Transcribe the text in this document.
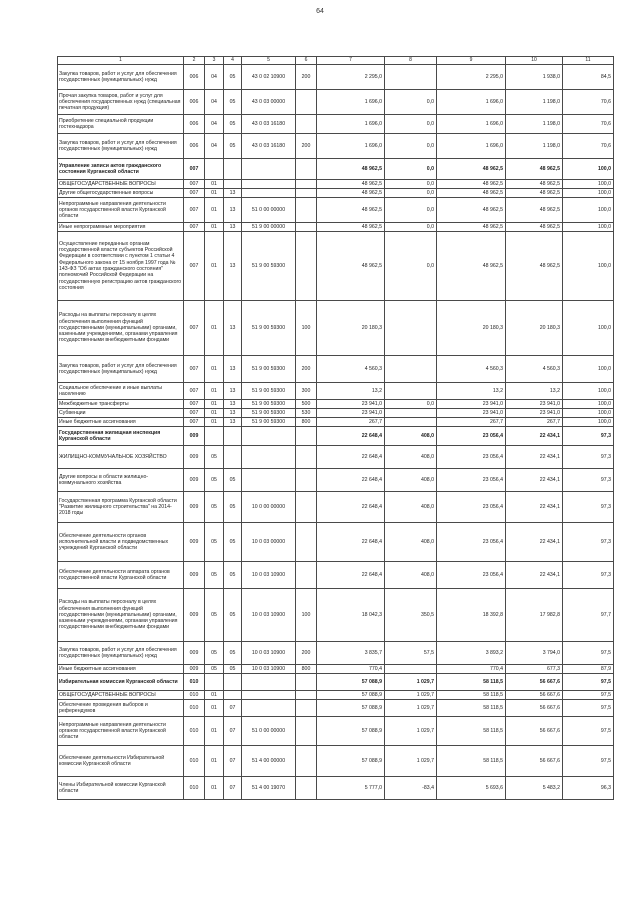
64
1	2	3	4	5	6	7	8	9	10	11
Закупка товаров, работ и услуг для обеспечения государственных (муниципальных) нужд	006	04	05	43 0 02 10900	200	2 295,0		2 295,0	1 938,0	84,5
Прочая закупка товаров, работ и услуг для обеспечения государственных нужд (специальная печатная продукция)	006	04	05	43 0 03 00000		1 696,0	0,0	1 696,0	1 198,0	70,6
Приобретение специальной продукции гостехнадзора	006	04	05	43 0 03 16180		1 696,0	0,0	1 696,0	1 198,0	70,6
Закупка товаров, работ и услуг для обеспечения государственных (муниципальных) нужд	006	04	05	43 0 03 16180	200	1 696,0	0,0	1 696,0	1 198,0	70,6
Управление записи актов гражданского состояния Курганской области	007					48 962,5	0,0	48 962,5	48 962,5	100,0
ОБЩЕГОСУДАРСТВЕННЫЕ ВОПРОСЫ	007	01				48 962,5	0,0	48 962,5	48 962,5	100,0
Другие общегосударственные вопросы	007	01	13			48 962,5	0,0	48 962,5	48 962,5	100,0
Непрограммные направления деятельности органов государственной власти Курганской области	007	01	13	51 0 00 00000		48 962,5	0,0	48 962,5	48 962,5	100,0
Иные непрограммные мероприятия	007	01	13	51 9 00 00000		48 962,5	0,0	48 962,5	48 962,5	100,0
Осуществление переданных органам государственной власти субъектов Российской Федерации в соответствии с пунктом 1 статьи 4 Федерального закона от 15 ноября 1997 года № 143-ФЗ "Об актах гражданского состояния" полномочий Российской Федерации на государственную регистрацию актов гражданского состояния	007	01	13	51 9 00 59300		48 962,5	0,0	48 962,5	48 962,5	100,0
Расходы на выплаты персоналу в целях обеспечения выполнения функций государственными (муниципальными) органами, казенными учреждениями, органами управления государственными внебюджетными фондами	007	01	13	51 9 00 59300	100	20 180,3		20 180,3	20 180,3	100,0
Закупка товаров, работ и услуг для обеспечения государственных (муниципальных) нужд	007	01	13	51 9 00 59300	200	4 560,3		4 560,3	4 560,3	100,0
Социальное обеспечение и иные выплаты населению	007	01	13	51 9 00 59300	300	13,2		13,2	13,2	100,0
Межбюджетные трансферты	007	01	13	51 9 00 59300	500	23 941,0	0,0	23 941,0	23 941,0	100,0
Субвенции	007	01	13	51 9 00 59300	530	23 941,0		23 941,0	23 941,0	100,0
Иные бюджетные ассигнования	007	01	13	51 9 00 59300	800	267,7		267,7	267,7	100,0
Государственная жилищная инспекция Курганской области	009					22 648,4	408,0	23 056,4	22 434,1	97,3
ЖИЛИЩНО-КОММУНАЛЬНОЕ ХОЗЯЙСТВО	009	05				22 648,4	408,0	23 056,4	22 434,1	97,3
Другие вопросы в области жилищно-коммунального хозяйства	009	05	05			22 648,4	408,0	23 056,4	22 434,1	97,3
Государственная программа Курганской области "Развитие жилищного строительства" на 2014-2018 годы	009	05	05	10 0 00 00000		22 648,4	408,0	23 056,4	22 434,1	97,3
Обеспечение деятельности органов исполнительной власти и подведомственных учреждений Курганской области	009	05	05	10 0 03 00000		22 648,4	408,0	23 056,4	22 434,1	97,3
Обеспечение деятельности аппарата органов государственной власти Курганской области	009	05	05	10 0 03 10900		22 648,4	408,0	23 056,4	22 434,1	97,3
Расходы на выплаты персоналу в целях обеспечения выполнения функций государственными (муниципальными) органами, казенными учреждениями, органами управления государственными внебюджетными фондами	009	05	05	10 0 03 10900	100	18 042,3	350,5	18 392,8	17 982,8	97,7
Закупка товаров, работ и услуг для обеспечения государственных (муниципальных) нужд	009	05	05	10 0 03 10900	200	3 835,7	57,5	3 893,2	3 794,0	97,5
Иные бюджетные ассигнования	009	05	05	10 0 03 10900	800	770,4		770,4	677,3	87,9
Избирательная комиссия Курганской области	010					57 088,9	1 029,7	58 118,5	56 667,6	97,5
ОБЩЕГОСУДАРСТВЕННЫЕ ВОПРОСЫ	010	01				57 088,9	1 029,7	58 118,5	56 667,6	97,5
Обеспечение проведения выборов и референдумов	010	01	07			57 088,9	1 029,7	58 118,5	56 667,6	97,5
Непрограммные направления деятельности органов государственной власти Курганской области	010	01	07	51 0 00 00000		57 088,9	1 029,7	58 118,5	56 667,6	97,5
Обеспечение деятельности Избирательной комиссии Курганской области	010	01	07	51 4 00 00000		57 088,9	1 029,7	58 118,5	56 667,6	97,5
Члены Избирательной комиссии Курганской области	010	01	07	51 4 00 19070		5 777,0	-83,4	5 693,6	5 483,2	96,3
